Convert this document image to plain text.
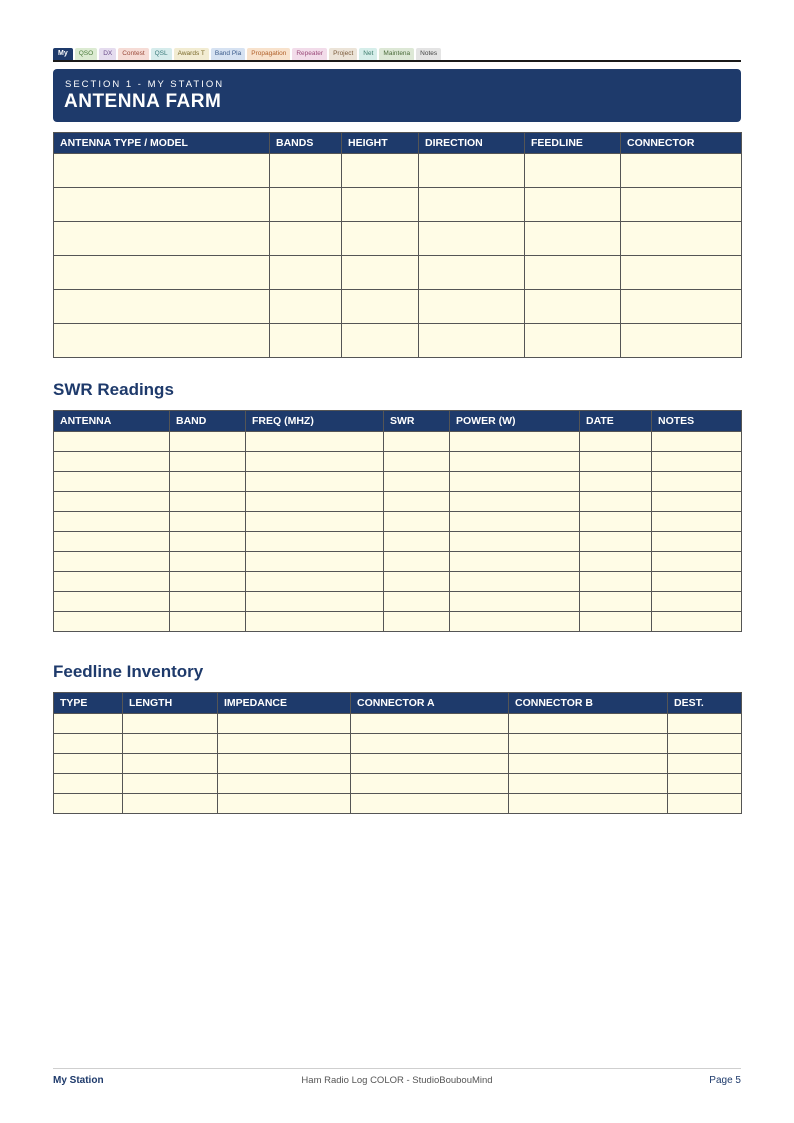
My	QSO	DX	Contest	QSL	Awards T	Band Pla	Propagation	Repeater	Project	Net	Maintena	Notes
SECTION 1 - MY STATION
ANTENNA FARM
ANTENNA TYPE / MODEL	BANDS	HEIGHT	DIRECTION	FEEDLINE	CONNECTOR

SWR Readings
ANTENNA	BAND	FREQ (MHZ)	SWR	POWER (W)	DATE	NOTES

Feedline Inventory
TYPE	LENGTH	IMPEDANCE	CONNECTOR A	CONNECTOR B	DEST.

Ham Radio Log COLOR - StudioBoubouMind
My Station	Page 5
